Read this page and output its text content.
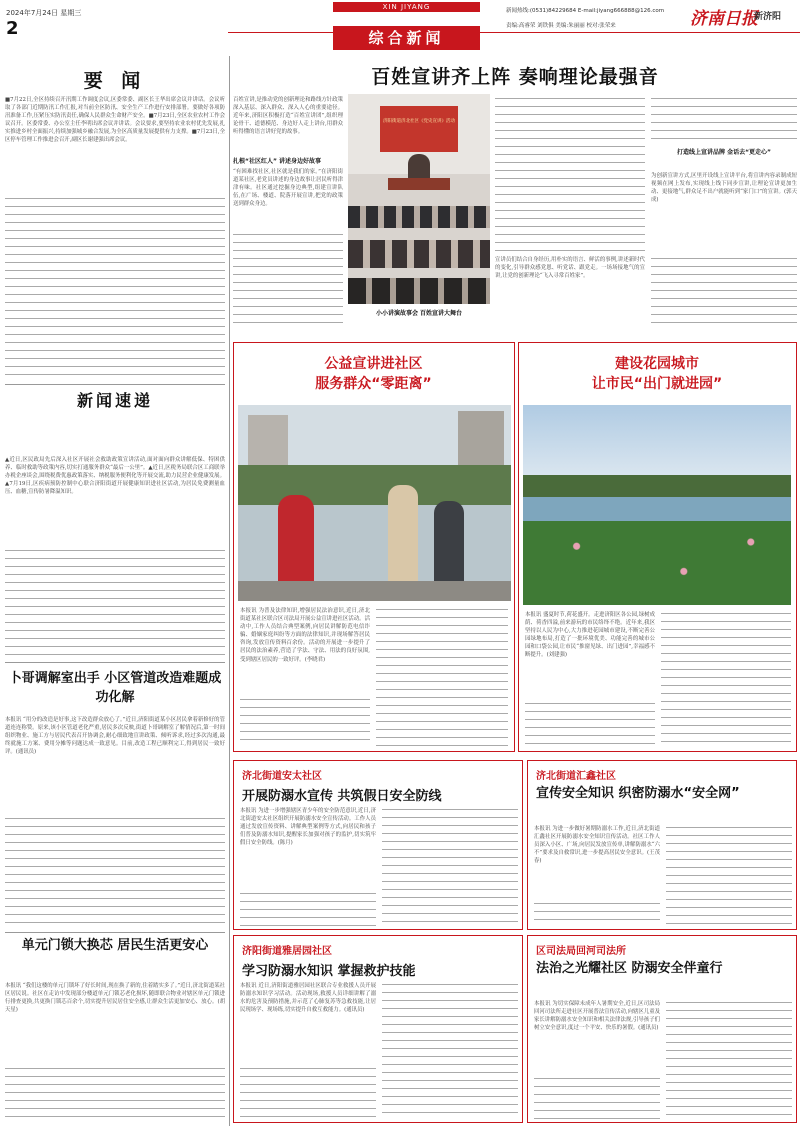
2024年7月24日 星期三
2
XIN JIYANG	新闻热线:(0531)84229684 E-mail:jiyang666888@126.com
责编:高睿荣 刘铁俱 美编:朱丽丽 校对:张荣来	济南日报
新济阳
综合新闻
要 闻
■7月22日,全区持续召开汛期工作调度会议,区委常委、副区长王华出席会议并讲话。会议听取了各部门近期防汛工作汇报,对当前全区防汛、安全生产工作进行安排部署。要做好各项防汛准备工作,压紧压实防汛责任,确保人民群众生命财产安全。■7月23日,全区农业农村工作会议召开。区委常委、办公室主任李明出席会议并讲话。会议要求,要坚持农业农村优先发展,扎实推进乡村全面振兴,持续加强城乡融合发展,为全区高质量发展提供有力支撑。■7月23日,全区停车管理工作推进会召开,副区长谢建强出席会议。
新闻速递
▲近日,区民政局先后深入社区开展社会救助政策宣讲活动,面对面向群众讲解低保、特困供养、临时救助等政策内容,切实打通服务群众“最后一公里”。▲近日,区税务局联合区工商联举办税企座谈会,围绕税费优惠政策落实、纳税服务便利化等开展交流,助力民营企业健康发展。▲7月19日,区疾病预防控制中心联合济阳街道开展健康知识进社区活动,为居民免费测量血压、血糖,宣传防暑降温知识。
卜哥调解室出手 小区管道改造难题成功化解
本报讯 “用分的改造是好事,这下改造群众放心了。”近日,济阳街道某小区居民拿着新修好的管道连连称赞。原来,该小区管道老化严重,居民多次反映,街道卜哥调解室了解情况后,第一时间组织物业、施工方与居民代表召开协调会,耐心细致地宣讲政策、倾听诉求,经过多次沟通,最终就施工方案、费用分摊等问题达成一致意见。目前,改造工程已顺利完工,得到居民一致好评。(通讯员)
单元门锁大换芯 居民生活更安心
本报讯 “我们这楼的单元门锁坏了好长时间,现在换了新的,住着踏实多了。”近日,济北街道某社区居民说。社区在走访中发现部分楼道单元门锁芯老化损坏,随即联合物业对辖区单元门锁进行排查更换,共更换门锁芯百余个,切实提升居民居住安全感,让群众生活更加安心、放心。(胡天星)
百姓宣讲齐上阵 奏响理论最强音
百姓宣讲,是推动党的创新理论和路线方针政策深入基层、深入群众、深入人心的重要途径。近年来,济阳区积极打造“百姓宣讲团”,组织理论骨干、道德模范、身边好人走上讲台,用群众听得懂的语言讲好党的故事。
扎根“社区红人” 讲述身边好故事
“有困难找社区,社区就是我们的家。”在济阳街道某社区,老党员讲述的身边故事让居民听得津津有味。社区通过挖掘身边典型,组建宣讲队伍,在广场、楼道、院落开展宣讲,把党的政策送到群众身边。
济阳街道济北社区《党史宣讲》活动
小小讲演故事会 百姓宣讲大舞台
宣讲员们结合自身经历,用朴实的语言、鲜活的事例,讲述新时代的变化,引导群众感党恩、听党话、跟党走。一场场接地气的宣讲,让党的创新理论“飞入寻常百姓家”。
打造线上宣讲品牌 金话去“更走心”
为创新宣讲方式,区里开设线上宣讲平台,将宣讲内容录制成短视频在网上发布,实现线上线下同步宣讲,让理论宣讲更加生动、更接地气,群众足不出户就能听到“家门口”的宣讲。(郭天成)
公益宣讲进社区
服务群众“零距离”
本报讯 为普及法律知识,增强居民法治意识,近日,济北街道某社区联合区司法局开展公益宣讲进社区活动。活动中,工作人员结合典型案例,向居民讲解防范电信诈骗、婚姻家庭纠纷等方面的法律知识,并现场解答居民咨询,发放宣传资料百余份。活动的开展进一步提升了居民的法治素养,营造了学法、守法、用法的良好氛围,受到辖区居民的一致好评。(李晓君)
建设花园城市
让市民“出门就进园”
本报讯 盛夏时节,荷花盛开。走进济阳区各公园,绿树成荫、荷香四溢,前来游玩的市民络绎不绝。近年来,我区坚持以人民为中心,大力推进花园城市建设,不断完善公园绿地布局,打造了一批环境优美、功能完善的城市公园和口袋公园,让市民“推窗见绿、出门进园”,幸福感不断提升。(刘建强)
济北街道安太社区
开展防溺水宣传 共筑假日安全防线
本报讯 为进一步增强辖区青少年的安全防范意识,近日,济北街道安太社区组织开展防溺水安全宣传活动。工作人员通过发放宣传资料、讲解典型案例等方式,向居民和孩子们普及防溺水知识,提醒家长加强对孩子的监护,切实筑牢假日安全防线。(陈月)
济北街道汇鑫社区
宣传安全知识 织密防溺水“安全网”
本报讯 为进一步做好暑期防溺水工作,近日,济北街道汇鑫社区开展防溺水安全知识宣传活动。社区工作人员深入小区、广场,向居民发放宣传单,讲解防溺水“六不”要求及自救常识,进一步提高居民安全意识。(王茂春)
济阳街道雅居园社区
学习防溺水知识 掌握救护技能
本报讯 近日,济阳街道雅居园社区联合专业救援人员开展防溺水知识学习活动。活动现场,救援人员详细讲解了溺水的危害及预防措施,并示范了心肺复苏等急救技能,让居民现场学、现场练,切实提升自救互救能力。(通讯员)
区司法局回河司法所
法治之光耀社区 防溺安全伴童行
本报讯 为切实保障未成年人暑期安全,近日,区司法局回河司法所走进社区开展普法宣传活动,向辖区儿童及家长讲解防溺水安全知识和相关法律法规,引导孩子们树立安全意识,度过一个平安、快乐的暑假。(通讯员)
